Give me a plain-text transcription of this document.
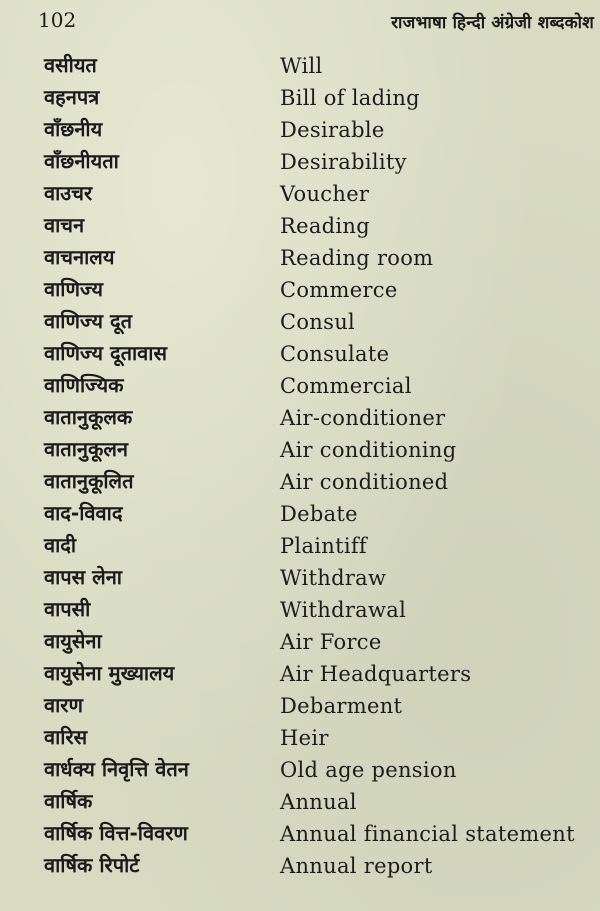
102	राजभाषा हिन्दी अंग्रेजी शब्दकोश
वसीयत	Will
वहनपत्र	Bill of lading
वाँछनीय	Desirable
वाँछनीयता	Desirability
वाउचर	Voucher
वाचन	Reading
वाचनालय	Reading room
वाणिज्य	Commerce
वाणिज्य दूत	Consul
वाणिज्य दूतावास	Consulate
वाणिज्यिक	Commercial
वातानुकूलक	Air-conditioner
वातानुकूलन	Air conditioning
वातानुकूलित	Air conditioned
वाद-विवाद	Debate
वादी	Plaintiff
वापस लेना	Withdraw
वापसी	Withdrawal
वायुसेना	Air Force
वायुसेना मुख्यालय	Air Headquarters
वारण	Debarment
वारिस	Heir
वार्धक्य निवृत्ति वेतन	Old age pension
वार्षिक	Annual
वार्षिक वित्त-विवरण	Annual financial statement
वार्षिक रिपोर्ट	Annual report
